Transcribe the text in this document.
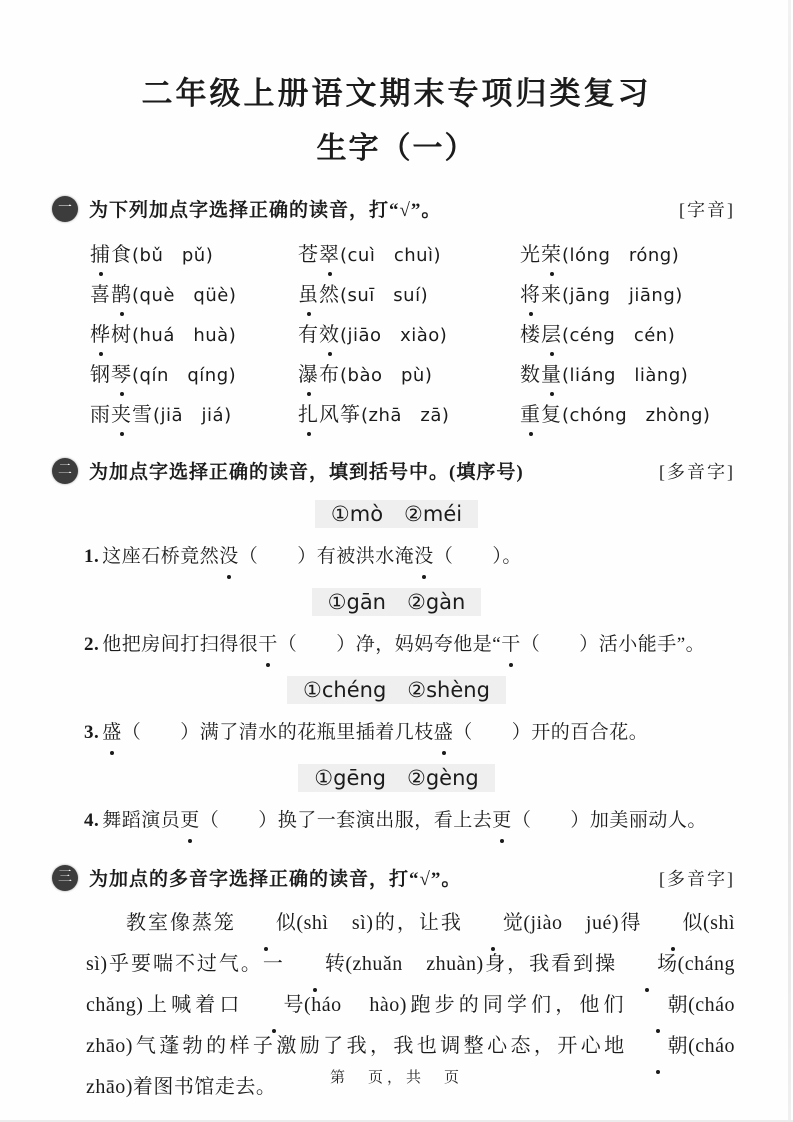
二年级上册语文期末专项归类复习
生字（一）
一 为下列加点字选择正确的读音，打“√”。	[字音]
捕食(bǔ　pǔ)	苍翠(cuì　chuì)	光荣(lóng　róng)
喜鹊(què　qüè)	虽然(suī　suí)	将来(jāng　jiāng)
桦树(huá　huà)	有效(jiāo　xiào)	楼层(céng　cén)
钢琴(qín　qíng)	瀑布(bào　pù)	数量(liáng　liàng)
雨夹雪(jiā　jiá)	扎风筝(zhā　zā)	重复(chóng　zhòng)
二 为加点字选择正确的读音，填到括号中。(填序号)	[多音字]
①mò　②méi
1. 这座石桥竟然没（　　）有被洪水淹没（　　）。
①gān　②gàn
2. 他把房间打扫得很干（　　）净，妈妈夸他是“干（　　）活小能手”。
①chéng　②shèng
3. 盛（　　）满了清水的花瓶里插着几枝盛（　　）开的百合花。
①gēng　②gèng
4. 舞蹈演员更（　　）换了一套演出服，看上去更（　　）加美丽动人。
三 为加点的多音字选择正确的读音，打“√”。	[多音字]
教室像蒸笼 似(shì　sì)的，让我 觉(jiào　jué)得 似(shì　sì)乎要喘不过气。一 转(zhuǎn　zhuàn)身，我看到操 场(cháng　chǎng)上喊着口 号(háo　hào)跑步的同学们，他们 朝(cháo　zhāo)气蓬勃的样子激励了我，我也调整心态，开心地 朝(cháo　zhāo)着图书馆走去。	第　页，共　页
